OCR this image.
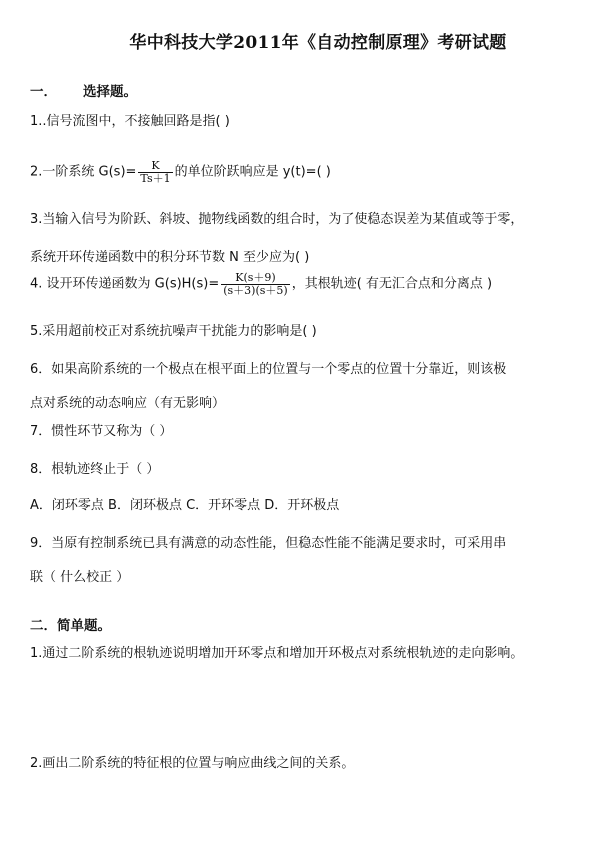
华中科技大学2011年《自动控制原理》考研试题
一． 选择题。
1..信号流图中，不接触回路是指( )
2.一阶系统 $G(s)= \frac{K}{Ts+1}$ 的单位阶跃响应是 y(t)=( )
3.当输入信号为阶跃、斜坡、抛物线函数的组合时，为了使稳态误差为某值或等于零，
系统开环传递函数中的积分环节数 N 至少应为( )
4. 设开环传递函数为 $G(s)H(s)= \frac{K(s+9)}{(s+3)(s+5)}$ ，其根轨迹( 有无汇合点和分离点 )
5.采用超前校正对系统抗噪声干扰能力的影响是( )
6．如果高阶系统的一个极点在根平面上的位置与一个零点的位置十分靠近，则该极
点对系统的动态响应（有无影响）
7．惯性环节又称为（ ）
8．根轨迹终止于（ ）
A．闭环零点 B．闭环极点 C．开环零点 D．开环极点
9．当原有控制系统已具有满意的动态性能，但稳态性能不能满足要求时，可采用串
联（ 什么校正 ）
二．简单题。
1.通过二阶系统的根轨迹说明增加开环零点和增加开环极点对系统根轨迹的走向影响。
2.画出二阶系统的特征根的位置与响应曲线之间的关系。
